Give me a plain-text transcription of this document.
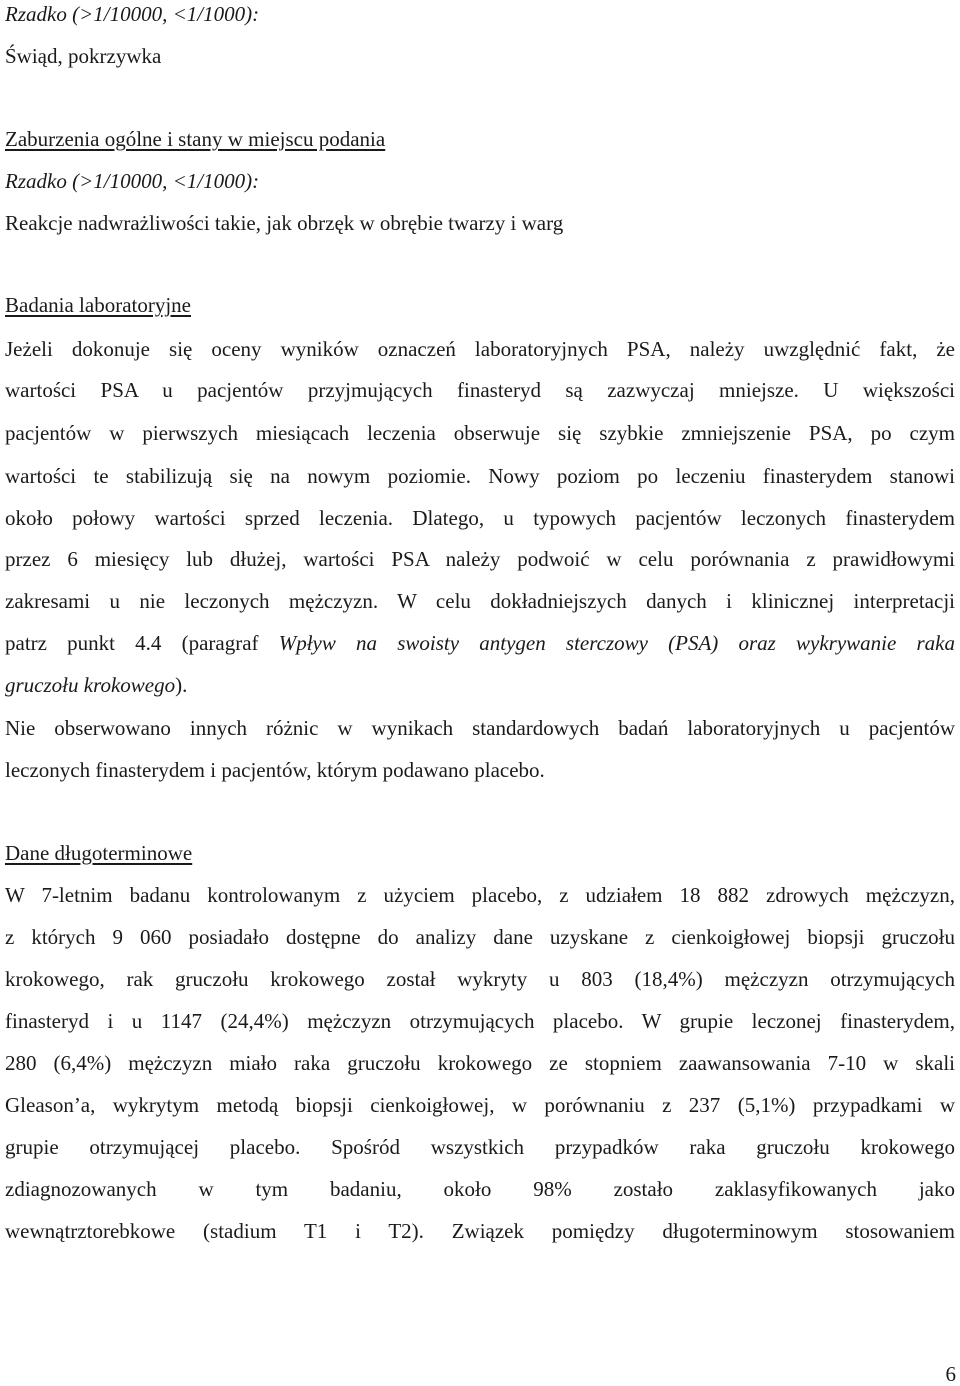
Rzadko (>1/10000, <1/1000):
Świąd, pokrzywka
Zaburzenia ogólne i stany w miejscu podania
Rzadko (>1/10000, <1/1000):
Reakcje nadwrażliwości takie, jak obrzęk w obrębie twarzy i warg
Badania laboratoryjne
Jeżeli dokonuje się oceny wyników oznaczeń laboratoryjnych PSA, należy uwzględnić fakt, że
wartości PSA u pacjentów przyjmujących finasteryd są zazwyczaj mniejsze. U większości
pacjentów w pierwszych miesiącach leczenia obserwuje się szybkie zmniejszenie PSA, po czym
wartości te stabilizują się na nowym poziomie. Nowy poziom po leczeniu finasterydem stanowi
około połowy wartości sprzed leczenia. Dlatego, u typowych pacjentów leczonych finasterydem
przez 6 miesięcy lub dłużej, wartości PSA należy podwoić w celu porównania z prawidłowymi
zakresami u nie leczonych mężczyzn. W celu dokładniejszych danych i klinicznej interpretacji
patrz punkt 4.4 (paragraf Wpływ na swoisty antygen sterczowy (PSA) oraz wykrywanie raka
gruczołu krokowego).
Nie obserwowano innych różnic w wynikach standardowych badań laboratoryjnych u pacjentów
leczonych finasterydem i pacjentów, którym podawano placebo.
Dane długoterminowe
W 7-letnim badanu kontrolowanym z użyciem placebo, z udziałem 18 882 zdrowych mężczyzn,
z których 9 060 posiadało dostępne do analizy dane uzyskane z cienkoigłowej biopsji gruczołu
krokowego, rak gruczołu krokowego został wykryty u 803 (18,4%) mężczyzn otrzymujących
finasteryd i u 1147 (24,4%) mężczyzn otrzymujących placebo. W grupie leczonej finasterydem,
280 (6,4%) mężczyzn miało raka gruczołu krokowego ze stopniem zaawansowania 7-10 w skali
Gleason’a, wykrytym metodą biopsji cienkoigłowej, w porównaniu z 237 (5,1%) przypadkami w
grupie otrzymującej placebo. Spośród wszystkich przypadków raka gruczołu krokowego
zdiagnozowanych w tym badaniu, około 98% zostało zaklasyfikowanych jako
wewnątrztorebkowe (stadium T1 i T2). Związek pomiędzy długoterminowym stosowaniem
6
